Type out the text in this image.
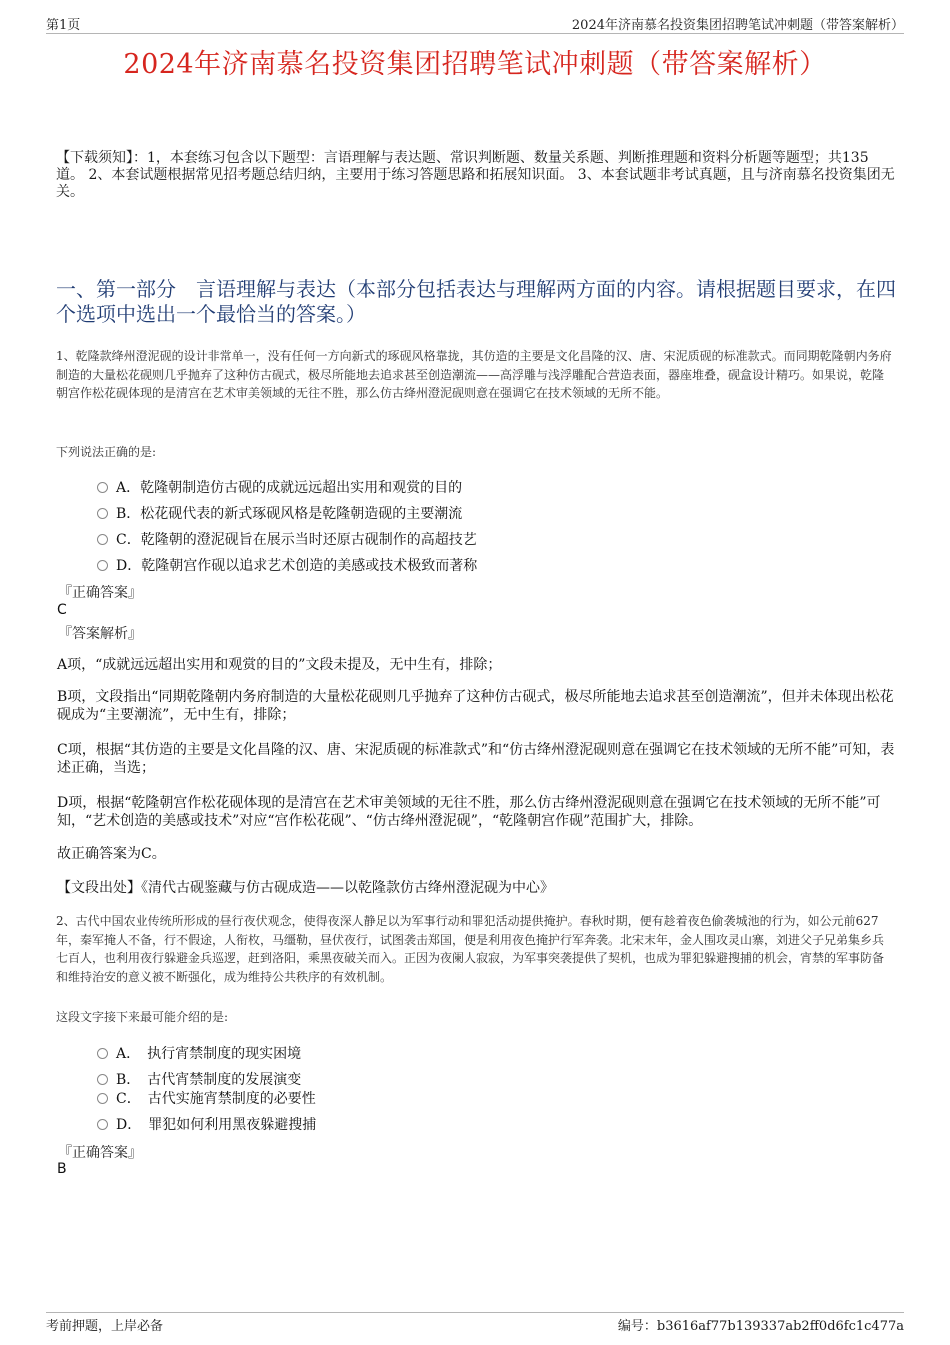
第1页	2024年济南慕名投资集团招聘笔试冲刺题（带答案解析）
2024年济南慕名投资集团招聘笔试冲刺题（带答案解析）
【下载须知】：1，本套练习包含以下题型：言语理解与表达题、常识判断题、数量关系题、判断推理题和资料分析题等题型；共135道。 2、本套试题根据常见招考题总结归纳，主要用于练习答题思路和拓展知识面。 3、本套试题非考试真题，且与济南慕名投资集团无关。
一、第一部分　言语理解与表达（本部分包括表达与理解两方面的内容。请根据题目要求，在四个选项中选出一个最恰当的答案。）
1、乾隆款绛州澄泥砚的设计非常单一，没有任何一方向新式的琢砚风格靠拢，其仿造的主要是文化昌隆的汉、唐、宋泥质砚的标准款式。而同期乾隆朝内务府制造的大量松花砚则几乎抛弃了这种仿古砚式，极尽所能地去追求甚至创造潮流——高浮雕与浅浮雕配合营造表面，器座堆叠，砚盒设计精巧。如果说，乾隆朝宫作松花砚体现的是清宫在艺术审美领域的无往不胜，那么仿古绛州澄泥砚则意在强调它在技术领域的无所不能。
下列说法正确的是:
A．乾隆朝制造仿古砚的成就远远超出实用和观赏的目的
B．松花砚代表的新式琢砚风格是乾隆朝造砚的主要潮流
C．乾隆朝的澄泥砚旨在展示当时还原古砚制作的高超技艺
D．乾隆朝宫作砚以追求艺术创造的美感或技术极致而著称
『正确答案』
C
『答案解析』
A项，“成就远远超出实用和观赏的目的”文段未提及，无中生有，排除；
B项，文段指出“同期乾隆朝内务府制造的大量松花砚则几乎抛弃了这种仿古砚式，极尽所能地去追求甚至创造潮流”，但并未体现出松花砚成为“主要潮流”，无中生有，排除；
C项，根据“其仿造的主要是文化昌隆的汉、唐、宋泥质砚的标准款式”和“仿古绛州澄泥砚则意在强调它在技术领域的无所不能”可知，表述正确，当选；
D项，根据“乾隆朝宫作松花砚体现的是清宫在艺术审美领域的无往不胜，那么仿古绛州澄泥砚则意在强调它在技术领域的无所不能”可知，“艺术创造的美感或技术”对应“宫作松花砚”、“仿古绛州澄泥砚”，“乾隆朝宫作砚”范围扩大，排除。
故正确答案为C。
【文段出处】《清代古砚鉴藏与仿古砚成造——以乾隆款仿古绛州澄泥砚为中心》
2、古代中国农业传统所形成的昼行夜伏观念，使得夜深人静足以为军事行动和罪犯活动提供掩护。春秋时期，便有趁着夜色偷袭城池的行为，如公元前627年，秦军掩人不备，行不假途，人衔枚，马缰勒，昼伏夜行，试图袭击郑国，便是利用夜色掩护行军奔袭。北宋末年，金人围攻灵山寨，刘进父子兄弟集乡兵七百人，也利用夜行躲避金兵巡逻，赶到洛阳，乘黑夜破关而入。正因为夜阑人寂寂，为军事突袭提供了契机，也成为罪犯躲避搜捕的机会，宵禁的军事防备和维持治安的意义被不断强化，成为维持公共秩序的有效机制。
这段文字接下来最可能介绍的是:
A．　执行宵禁制度的现实困境
B．　古代宵禁制度的发展演变
C．　古代实施宵禁制度的必要性
D．　罪犯如何利用黑夜躲避搜捕
『正确答案』
B
考前押题，上岸必备	编号：b3616af77b139337ab2ff0d6fc1c477a
